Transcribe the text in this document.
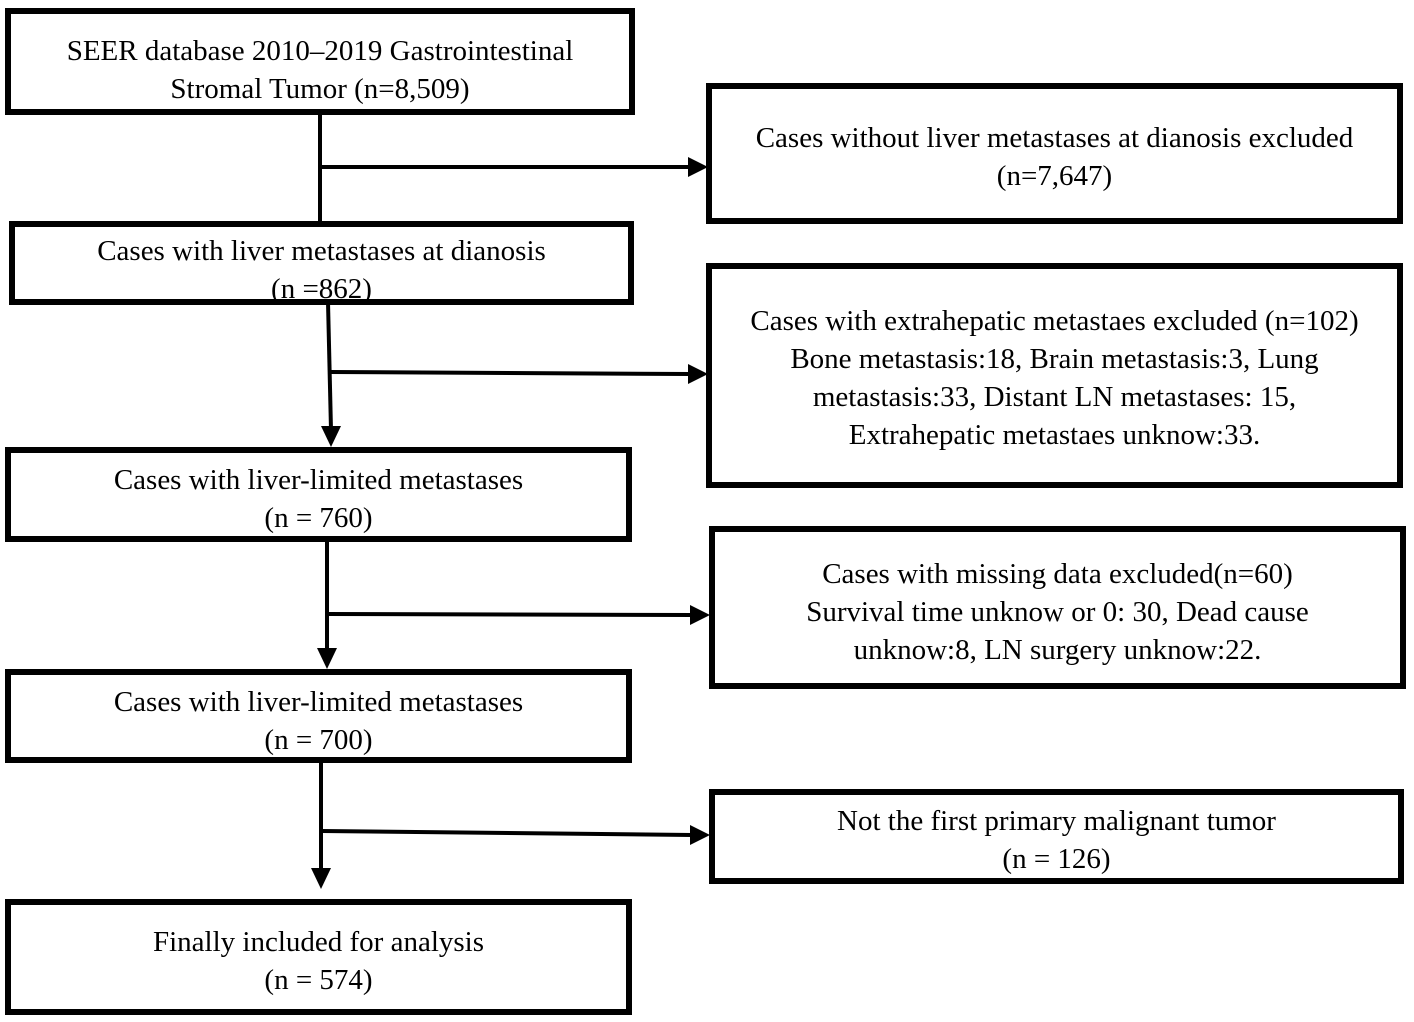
SEER database 2010–2019 Gastrointestinal
Stromal Tumor (n=8,509)
Cases with liver metastases at dianosis
(n =862)
Cases with liver-limited metastases
(n = 760)
Cases with liver-limited metastases
(n = 700)
Finally included for analysis
(n = 574)
Cases without liver metastases at dianosis excluded
(n=7,647)
Cases with extrahepatic metastaes excluded (n=102)
Bone metastasis:18, Brain metastasis:3, Lung
metastasis:33, Distant LN metastases: 15,
Extrahepatic metastaes unknow:33.
Cases with missing data excluded(n=60)
Survival time unknow or 0: 30, Dead cause
unknow:8, LN surgery unknow:22.
Not the first primary malignant tumor
(n = 126)
